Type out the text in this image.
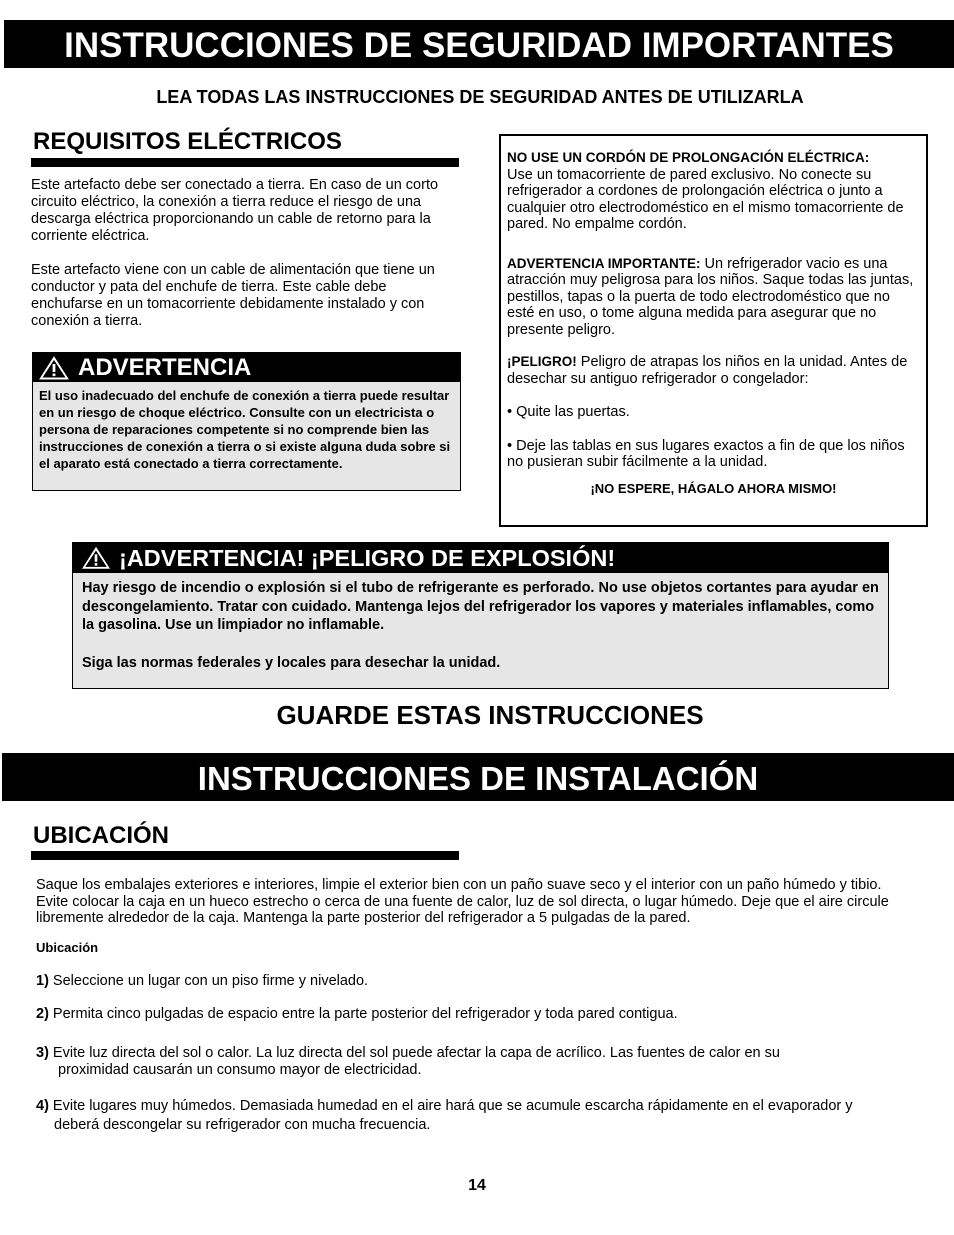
INSTRUCCIONES DE SEGURIDAD IMPORTANTES
LEA TODAS LAS INSTRUCCIONES DE SEGURIDAD ANTES DE UTILIZARLA
REQUISITOS ELÉCTRICOS
Este artefacto debe ser conectado a tierra. En caso de un corto circuito eléctrico, la conexión a tierra reduce el riesgo de una descarga eléctrica proporcionando un cable de retorno para la corriente eléctrica.
Este artefacto viene con un cable de alimentación que tiene un conductor y pata del enchufe de tierra. Este cable debe enchufarse en un tomacorriente debidamente instalado y con conexión a tierra.
ADVERTENCIA
El uso inadecuado del enchufe de conexión a tierra puede resultar en un riesgo de choque eléctrico. Consulte con un electricista o persona de reparaciones competente si no comprende bien las instrucciones de conexión a tierra o si existe alguna duda sobre si el aparato está conectado a tierra correctamente.

NO USE UN CORDÓN DE PROLONGACIÓN ELÉCTRICA:
Use un tomacorriente de pared exclusivo. No conecte su refrigerador a cordones de prolongación eléctrica o junto a cualquier otro electrodoméstico en el mismo tomacorriente de pared. No empalme cordón.

ADVERTENCIA IMPORTANTE: Un refrigerador vacio es una atracción muy peligrosa para los niños. Saque todas las juntas, pestillos, tapas o la puerta de todo electrodoméstico que no esté en uso, o tome alguna medida para asegurar que no presente peligro.

¡PELIGRO! Peligro de atrapas los niños en la unidad. Antes de desechar su antiguo refrigerador o congelador:

• Quite las puertas.

• Deje las tablas en sus lugares exactos a fin de que los niños no pusieran subir fácilmente a la unidad.

¡NO ESPERE, HÁGALO AHORA MISMO!

¡ADVERTENCIA! ¡PELIGRO DE EXPLOSIÓN!
Hay riesgo de incendio o explosión si el tubo de refrigerante es perforado. No use objetos cortantes para ayudar en descongelamiento. Tratar con cuidado. Mantenga lejos del refrigerador los vapores y materiales inflamables, como la gasolina. Use un limpiador no inflamable.
Siga las normas federales y locales para desechar la unidad.
GUARDE ESTAS INSTRUCCIONES
INSTRUCCIONES DE INSTALACIÓN
UBICACIÓN
Saque los embalajes exteriores e interiores, limpie el exterior bien con un paño suave seco y el interior con un paño húmedo y tibio. Evite colocar la caja en un hueco estrecho o cerca de una fuente de calor, luz de sol directa, o lugar húmedo. Deje que el aire circule libremente alrededor de la caja. Mantenga la parte posterior del refrigerador a 5 pulgadas de la pared.
Ubicación

1) Seleccione un lugar con un piso firme y nivelado.

2) Permita cinco pulgadas de espacio entre la parte posterior del refrigerador y toda pared contigua.

3) Evite luz directa del sol o calor. La luz directa del sol puede afectar la capa de acrílico. Las fuentes de calor en su
proximidad causarán un consumo mayor de electricidad.

4) Evite lugares muy húmedos. Demasiada humedad en el aire hará que se acumule escarcha rápidamente en el evaporador y
deberá descongelar su refrigerador con mucha frecuencia.

14
